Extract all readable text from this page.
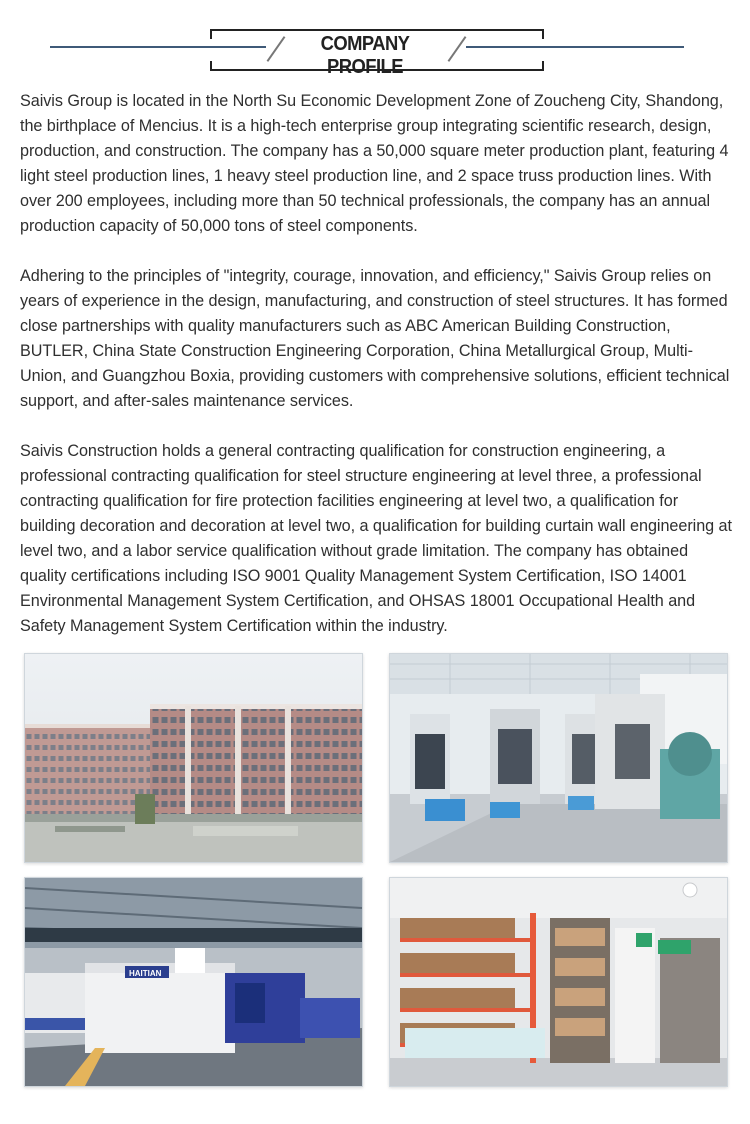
COMPANY PROFILE

Saivis Group is located in the North Su Economic Development Zone of Zoucheng City, Shandong, the birthplace of Mencius. It is a high-tech enterprise group integrating scientific research, design, production, and construction. The company has a 50,000 square meter production plant, featuring 4 light steel production lines, 1 heavy steel production line, and 2 space truss production lines. With over 200 employees, including more than 50 technical professionals, the company has an annual production capacity of 50,000 tons of steel components.

Adhering to the principles of "integrity, courage, innovation, and efficiency," Saivis Group relies on years of experience in the design, manufacturing, and construction of steel structures. It has formed close partnerships with quality manufacturers such as ABC American Building Construction, BUTLER, China State Construction Engineering Corporation, China Metallurgical Group, Multi-Union, and Guangzhou Boxia, providing customers with comprehensive solutions, efficient technical support, and after-sales maintenance services.

Saivis Construction holds a general contracting qualification for construction engineering, a professional contracting qualification for steel structure engineering at level three, a professional contracting qualification for fire protection facilities engineering at level two, a qualification for building decoration and decoration at level two, a qualification for building curtain wall engineering at level two, and a labor service qualification without grade limitation. The company has obtained quality certifications including ISO 9001 Quality Management System Certification, ISO 14001 Environmental Management System Certification, and OHSAS 18001 Occupational Health and Safety Management System Certification within the industry.

HAITIAN
